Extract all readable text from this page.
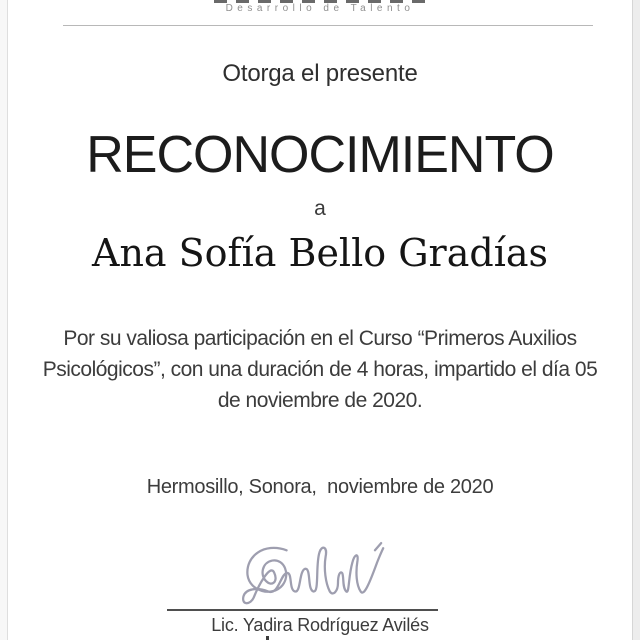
Desarrollo de Talento
Otorga el presente
RECONOCIMIENTO
a
Ana Sofía Bello Gradías
Por su valiosa participación en el Curso “Primeros Auxilios
Psicológicos”, con una duración de 4 horas, impartido el día 05
de noviembre de 2020.
Hermosillo, Sonora,  noviembre de 2020
Lic. Yadira Rodríguez Avilés
